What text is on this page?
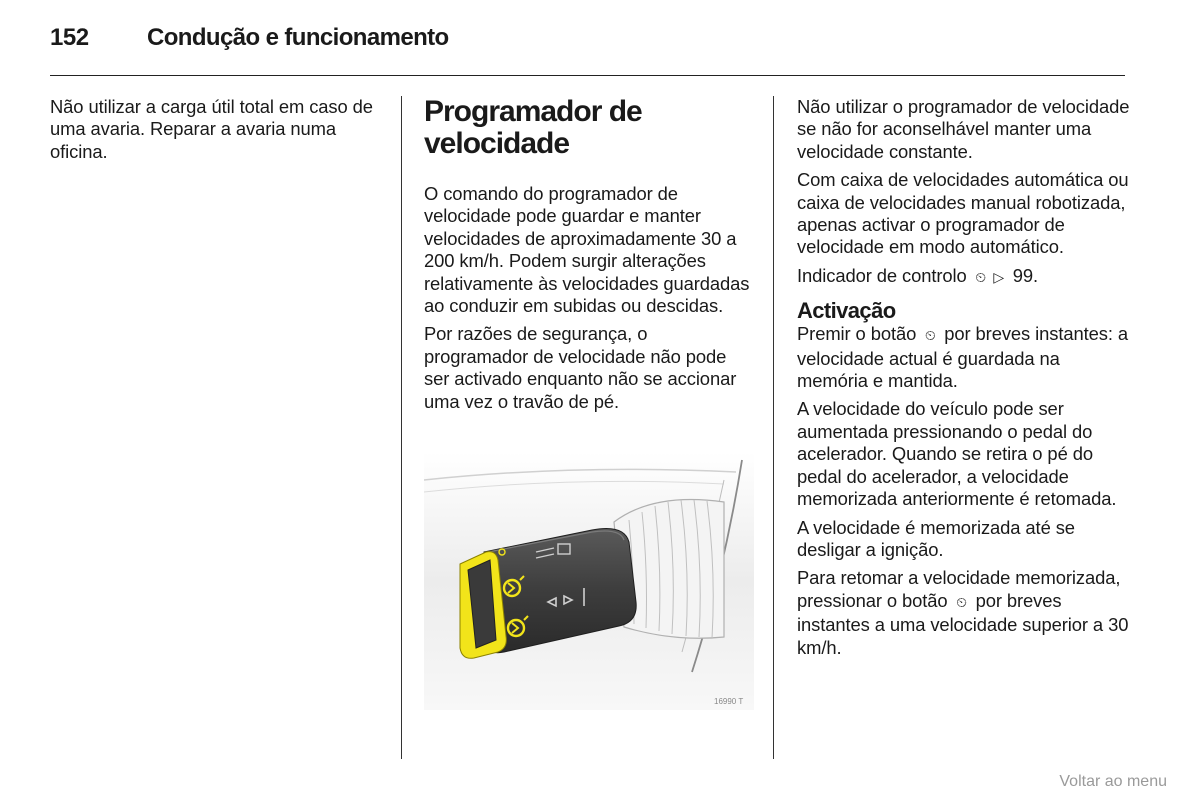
152	Condução e funcionamento

Não utilizar a carga útil total em caso de uma avaria. Reparar a avaria numa oficina.

Programador de velocidade

O comando do programador de velocidade pode guardar e manter velocidades de aproximadamente 30 a 200 km/h. Podem surgir alterações relativamente às velocidades guardadas ao conduzir em subidas ou descidas.

Por razões de segurança, o programador de velocidade não pode ser activado enquanto não se accionar uma vez o travão de pé.

16990 T

Não utilizar o programador de velocidade se não for aconselhável manter uma velocidade constante.

Com caixa de velocidades automática ou caixa de velocidades manual robotizada, apenas activar o programador de velocidade em modo automático.

Indicador de controlo ⏲ ▷ 99.

Activação

Premir o botão ⏲ por breves instantes: a velocidade actual é guardada na memória e mantida.

A velocidade do veículo pode ser aumentada pressionando o pedal do acelerador. Quando se retira o pé do pedal do acelerador, a velocidade memorizada anteriormente é retomada.

A velocidade é memorizada até se desligar a ignição.

Para retomar a velocidade memorizada, pressionar o botão ⏲ por breves instantes a uma velocidade superior a 30 km/h.

Voltar ao menu
